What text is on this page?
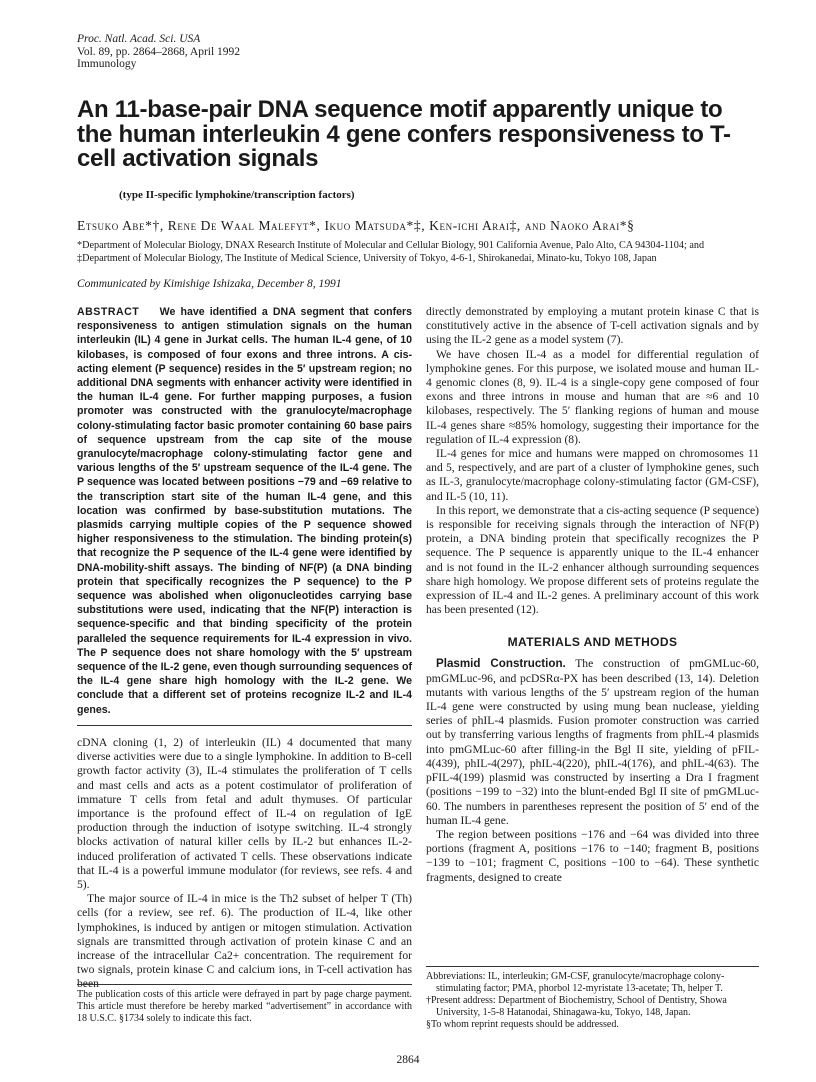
Proc. Natl. Acad. Sci. USA
Vol. 89, pp. 2864–2868, April 1992
Immunology
An 11-base-pair DNA sequence motif apparently unique to the human interleukin 4 gene confers responsiveness to T-cell activation signals
(type II-specific lymphokine/transcription factors)
Etsuko Abe*†, Rene De Waal Malefyt*, Ikuo Matsuda*‡, Ken-ichi Arai‡, and Naoko Arai*§

*Department of Molecular Biology, DNAX Research Institute of Molecular and Cellular Biology, 901 California Avenue, Palo Alto, CA 94304-1104; and

‡Department of Molecular Biology, The Institute of Medical Science, University of Tokyo, 4-6-1, Shirokanedai, Minato-ku, Tokyo 108, Japan

Communicated by Kimishige Ishizaka, December 8, 1991

ABSTRACT We have identified a DNA segment that confers responsiveness to antigen stimulation signals on the human interleukin (IL) 4 gene in Jurkat cells. The human IL-4 gene, of 10 kilobases, is composed of four exons and three introns. A cis-acting element (P sequence) resides in the 5′ upstream region; no additional DNA segments with enhancer activity were identified in the human IL-4 gene. For further mapping purposes, a fusion promoter was constructed with the granulocyte/macrophage colony-stimulating factor basic promoter containing 60 base pairs of sequence upstream from the cap site of the mouse granulocyte/macrophage colony-stimulating factor gene and various lengths of the 5′ upstream sequence of the IL-4 gene. The P sequence was located between positions −79 and −69 relative to the transcription start site of the human IL-4 gene, and this location was confirmed by base-substitution mutations. The plasmids carrying multiple copies of the P sequence showed higher responsiveness to the stimulation. The binding protein(s) that recognize the P sequence of the IL-4 gene were identified by DNA-mobility-shift assays. The binding of NF(P) (a DNA binding protein that specifically recognizes the P sequence) to the P sequence was abolished when oligonucleotides carrying base substitutions were used, indicating that the NF(P) interaction is sequence-specific and that binding specificity of the protein paralleled the sequence requirements for IL-4 expression in vivo. The P sequence does not share homology with the 5′ upstream sequence of the IL-2 gene, even though surrounding sequences of the IL-4 gene share high homology with the IL-2 gene. We conclude that a different set of proteins recognize IL-2 and IL-4 genes.

cDNA cloning (1, 2) of interleukin (IL) 4 documented that many diverse activities were due to a single lymphokine. In addition to B-cell growth factor activity (3), IL-4 stimulates the proliferation of T cells and mast cells and acts as a potent costimulator of proliferation of immature T cells from fetal and adult thymuses. Of particular importance is the profound effect of IL-4 on regulation of IgE production through the induction of isotype switching. IL-4 strongly blocks activation of natural killer cells by IL-2 but enhances IL-2-induced proliferation of activated T cells. These observations indicate that IL-4 is a powerful immune modulator (for reviews, see refs. 4 and 5).

The major source of IL-4 in mice is the Th2 subset of helper T (Th) cells (for a review, see ref. 6). The production of IL-4, like other lymphokines, is induced by antigen or mitogen stimulation. Activation signals are transmitted through activation of protein kinase C and an increase of the intracellular Ca2+ concentration. The requirement for two signals, protein kinase C and calcium ions, in T-cell activation has been

directly demonstrated by employing a mutant protein kinase C that is constitutively active in the absence of T-cell activation signals and by using the IL-2 gene as a model system (7).

We have chosen IL-4 as a model for differential regulation of lymphokine genes. For this purpose, we isolated mouse and human IL-4 genomic clones (8, 9). IL-4 is a single-copy gene composed of four exons and three introns in mouse and human that are ≈6 and 10 kilobases, respectively. The 5′ flanking regions of human and mouse IL-4 genes share ≈85% homology, suggesting their importance for the regulation of IL-4 expression (8).

IL-4 genes for mice and humans were mapped on chromosomes 11 and 5, respectively, and are part of a cluster of lymphokine genes, such as IL-3, granulocyte/macrophage colony-stimulating factor (GM-CSF), and IL-5 (10, 11).

In this report, we demonstrate that a cis-acting sequence (P sequence) is responsible for receiving signals through the interaction of NF(P) protein, a DNA binding protein that specifically recognizes the P sequence. The P sequence is apparently unique to the IL-4 enhancer and is not found in the IL-2 enhancer although surrounding sequences share high homology. We propose different sets of proteins regulate the expression of IL-4 and IL-2 genes. A preliminary account of this work has been presented (12).

MATERIALS AND METHODS

Plasmid Construction. The construction of pmGMLuc-60, pmGMLuc-96, and pcDSRα-PX has been described (13, 14). Deletion mutants with various lengths of the 5′ upstream region of the human IL-4 gene were constructed by using mung bean nuclease, yielding series of phIL-4 plasmids. Fusion promoter construction was carried out by transferring various lengths of fragments from phIL-4 plasmids into pmGMLuc-60 after filling-in the Bgl II site, yielding of pFIL-4(439), phIL-4(297), phIL-4(220), phIL-4(176), and phIL-4(63). The pFIL-4(199) plasmid was constructed by inserting a Dra I fragment (positions −199 to −32) into the blunt-ended Bgl II site of pmGMLuc-60. The numbers in parentheses represent the position of 5′ end of the human IL-4 gene.

The region between positions −176 and −64 was divided into three portions (fragment A, positions −176 to −140; fragment B, positions −139 to −101; fragment C, positions −100 to −64). These synthetic fragments, designed to create

The publication costs of this article were defrayed in part by page charge payment. This article must therefore be hereby marked “advertisement” in accordance with 18 U.S.C. §1734 solely to indicate this fact.

Abbreviations: IL, interleukin; GM-CSF, granulocyte/macrophage colony-stimulating factor; PMA, phorbol 12-myristate 13-acetate; Th, helper T.

†Present address: Department of Biochemistry, School of Dentistry, Showa University, 1-5-8 Hatanodai, Shinagawa-ku, Tokyo, 148, Japan.

§To whom reprint requests should be addressed.

2864
